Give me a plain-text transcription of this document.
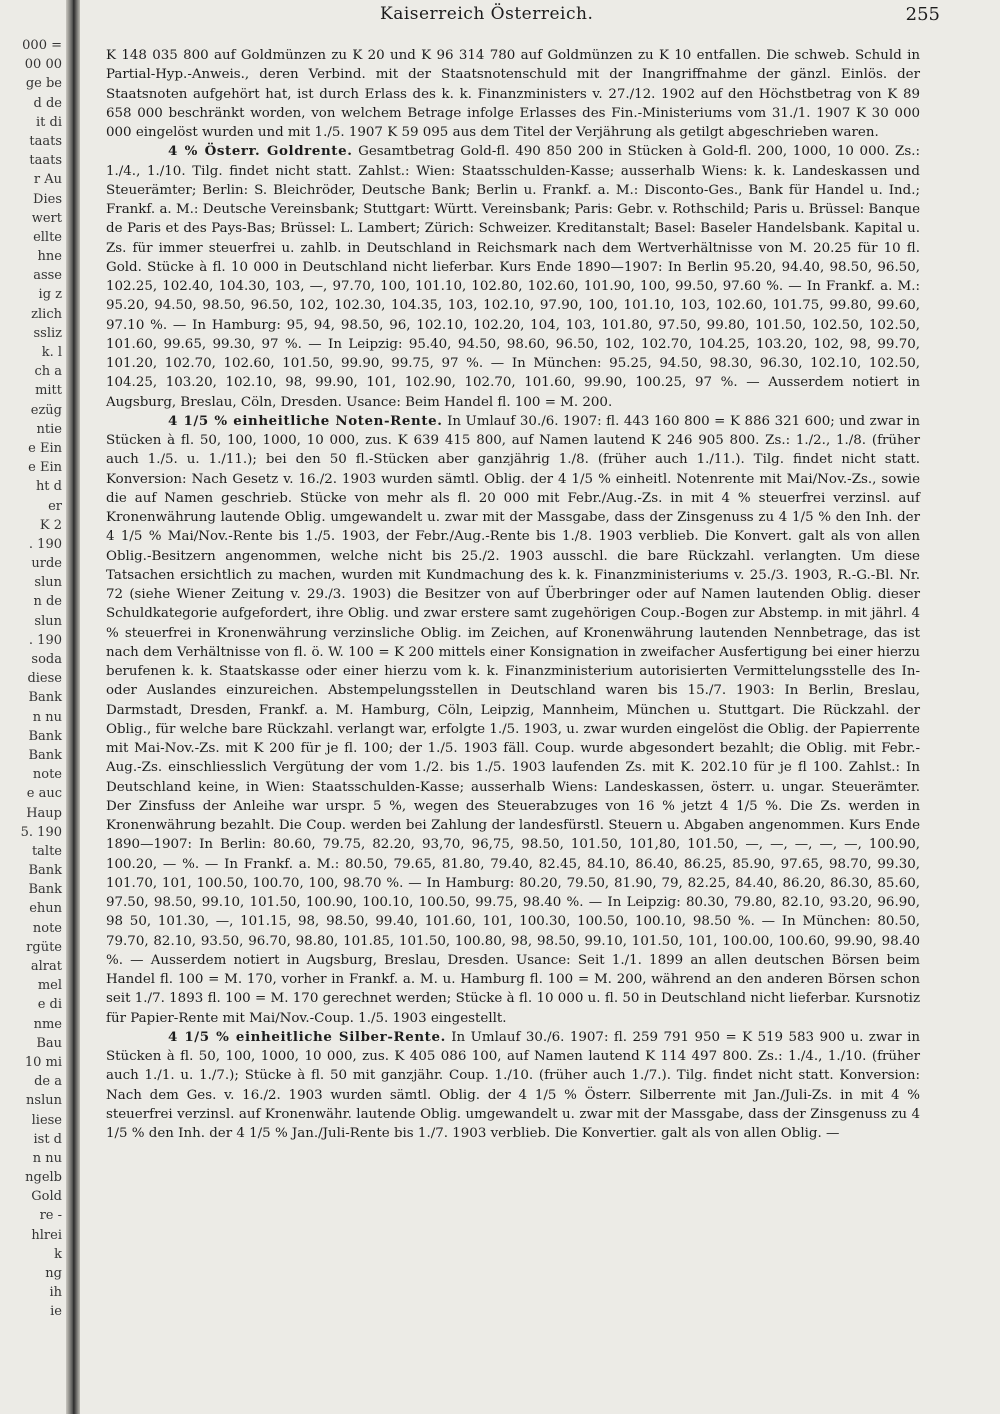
000 =
00 00
ge be
d de
it di
taats
taats
r Au
Dies
wert
ellte
hne
asse
ig z
zlich
ssliz
k. l
ch a
mitt
ezüg
ntie
e Ein
e Ein
ht d
er
K 2
. 190
urde
slun
n de
slun
. 190
soda
diese
Bank
n nu
Bank
Bank
note
e auc
Haup
5. 190
talte
Bank
Bank
ehun
note
rgüte
alrat
mel
e di
nme
Bau
10 mi
de a
nslun
liese
ist d
n nu
ngelb
Gold
re -
hlrei
k
ng
ih
ie
Kaiserreich Österreich.	255

K 148 035 800 auf Goldmünzen zu K 20 und K 96 314 780 auf Goldmünzen zu K 10 entfallen. Die schweb. Schuld in Partial-Hyp.-Anweis., deren Verbind. mit der Staatsnotenschuld mit der Inangriffnahme der gänzl. Einlös. der Staatsnoten aufgehört hat, ist durch Erlass des k. k. Finanzministers v. 27./12. 1902 auf den Höchstbetrag von K 89 658 000 beschränkt worden, von welchem Betrage infolge Erlasses des Fin.-Ministeriums vom 31./1. 1907 K 30 000 000 eingelöst wurden und mit 1./5. 1907 K 59 095 aus dem Titel der Verjährung als getilgt abgeschrieben waren.

4 % Österr. Goldrente. Gesamtbetrag Gold-fl. 490 850 200 in Stücken à Gold-fl. 200, 1000, 10 000. Zs.: 1./4., 1./10. Tilg. findet nicht statt. Zahlst.: Wien: Staatsschulden-Kasse; ausserhalb Wiens: k. k. Landeskassen und Steuerämter; Berlin: S. Bleichröder, Deutsche Bank; Berlin u. Frankf. a. M.: Disconto-Ges., Bank für Handel u. Ind.; Frankf. a. M.: Deutsche Vereinsbank; Stuttgart: Württ. Vereinsbank; Paris: Gebr. v. Rothschild; Paris u. Brüssel: Banque de Paris et des Pays-Bas; Brüssel: L. Lambert; Zürich: Schweizer. Kreditanstalt; Basel: Baseler Handelsbank. Kapital u. Zs. für immer steuerfrei u. zahlb. in Deutschland in Reichsmark nach dem Wertverhältnisse von M. 20.25 für 10 fl. Gold. Stücke à fl. 10 000 in Deutschland nicht lieferbar. Kurs Ende 1890—1907: In Berlin 95.20, 94.40, 98.50, 96.50, 102.25, 102.40, 104.30, 103, —, 97.70, 100, 101.10, 102.80, 102.60, 101.90, 100, 99.50, 97.60 %. — In Frankf. a. M.: 95.20, 94.50, 98.50, 96.50, 102, 102.30, 104.35, 103, 102.10, 97.90, 100, 101.10, 103, 102.60, 101.75, 99.80, 99.60, 97.10 %. — In Hamburg: 95, 94, 98.50, 96, 102.10, 102.20, 104, 103, 101.80, 97.50, 99.80, 101.50, 102.50, 102.50, 101.60, 99.65, 99.30, 97 %. — In Leipzig: 95.40, 94.50, 98.60, 96.50, 102, 102.70, 104.25, 103.20, 102, 98, 99.70, 101.20, 102.70, 102.60, 101.50, 99.90, 99.75, 97 %. — In München: 95.25, 94.50, 98.30, 96.30, 102.10, 102.50, 104.25, 103.20, 102.10, 98, 99.90, 101, 102.90, 102.70, 101.60, 99.90, 100.25, 97 %. — Ausserdem notiert in Augsburg, Breslau, Cöln, Dresden. Usance: Beim Handel fl. 100 = M. 200.

4 1/5 % einheitliche Noten-Rente. In Umlauf 30./6. 1907: fl. 443 160 800 = K 886 321 600; und zwar in Stücken à fl. 50, 100, 1000, 10 000, zus. K 639 415 800, auf Namen lautend K 246 905 800. Zs.: 1./2., 1./8. (früher auch 1./5. u. 1./11.); bei den 50 fl.-Stücken aber ganzjährig 1./8. (früher auch 1./11.). Tilg. findet nicht statt. Konversion: Nach Gesetz v. 16./2. 1903 wurden sämtl. Oblig. der 4 1/5 % einheitl. Notenrente mit Mai/Nov.-Zs., sowie die auf Namen geschrieb. Stücke von mehr als fl. 20 000 mit Febr./Aug.-Zs. in mit 4 % steuerfrei verzinsl. auf Kronenwährung lautende Oblig. umgewandelt u. zwar mit der Massgabe, dass der Zinsgenuss zu 4 1/5 % den Inh. der 4 1/5 % Mai/Nov.-Rente bis 1./5. 1903, der Febr./Aug.-Rente bis 1./8. 1903 verblieb. Die Konvert. galt als von allen Oblig.-Besitzern angenommen, welche nicht bis 25./2. 1903 ausschl. die bare Rückzahl. verlangten. Um diese Tatsachen ersichtlich zu machen, wurden mit Kundmachung des k. k. Finanzministeriums v. 25./3. 1903, R.-G.-Bl. Nr. 72 (siehe Wiener Zeitung v. 29./3. 1903) die Besitzer von auf Überbringer oder auf Namen lautenden Oblig. dieser Schuldkategorie aufgefordert, ihre Oblig. und zwar erstere samt zugehörigen Coup.-Bogen zur Abstemp. in mit jährl. 4 % steuerfrei in Kronenwährung verzinsliche Oblig. im Zeichen, auf Kronenwährung lautenden Nennbetrage, das ist nach dem Verhältnisse von fl. ö. W. 100 = K 200 mittels einer Konsignation in zweifacher Ausfertigung bei einer hierzu berufenen k. k. Staatskasse oder einer hierzu vom k. k. Finanzministerium autorisierten Vermittelungsstelle des In- oder Auslandes einzureichen. Abstempelungsstellen in Deutschland waren bis 15./7. 1903: In Berlin, Breslau, Darmstadt, Dresden, Frankf. a. M. Hamburg, Cöln, Leipzig, Mannheim, München u. Stuttgart. Die Rückzahl. der Oblig., für welche bare Rückzahl. verlangt war, erfolgte 1./5. 1903, u. zwar wurden eingelöst die Oblig. der Papierrente mit Mai-Nov.-Zs. mit K 200 für je fl. 100; der 1./5. 1903 fäll. Coup. wurde abgesondert bezahlt; die Oblig. mit Febr.-Aug.-Zs. einschliesslich Vergütung der vom 1./2. bis 1./5. 1903 laufenden Zs. mit K. 202.10 für je fl 100. Zahlst.: In Deutschland keine, in Wien: Staatsschulden-Kasse; ausserhalb Wiens: Landeskassen, österr. u. ungar. Steuerämter. Der Zinsfuss der Anleihe war urspr. 5 %, wegen des Steuerabzuges von 16 % jetzt 4 1/5 %. Die Zs. werden in Kronenwährung bezahlt. Die Coup. werden bei Zahlung der landesfürstl. Steuern u. Abgaben angenommen. Kurs Ende 1890—1907: In Berlin: 80.60, 79.75, 82.20, 93,70, 96,75, 98.50, 101.50, 101,80, 101.50, —, —, —, —, —, 100.90, 100.20, — %. — In Frankf. a. M.: 80.50, 79.65, 81.80, 79.40, 82.45, 84.10, 86.40, 86.25, 85.90, 97.65, 98.70, 99.30, 101.70, 101, 100.50, 100.70, 100, 98.70 %. — In Hamburg: 80.20, 79.50, 81.90, 79, 82.25, 84.40, 86.20, 86.30, 85.60, 97.50, 98.50, 99.10, 101.50, 100.90, 100.10, 100.50, 99.75, 98.40 %. — In Leipzig: 80.30, 79.80, 82.10, 93.20, 96.90, 98 50, 101.30, —, 101.15, 98, 98.50, 99.40, 101.60, 101, 100.30, 100.50, 100.10, 98.50 %. — In München: 80.50, 79.70, 82.10, 93.50, 96.70, 98.80, 101.85, 101.50, 100.80, 98, 98.50, 99.10, 101.50, 101, 100.00, 100.60, 99.90, 98.40 %. — Ausserdem notiert in Augsburg, Breslau, Dresden. Usance: Seit 1./1. 1899 an allen deutschen Börsen beim Handel fl. 100 = M. 170, vorher in Frankf. a. M. u. Hamburg fl. 100 = M. 200, während an den anderen Börsen schon seit 1./7. 1893 fl. 100 = M. 170 gerechnet werden; Stücke à fl. 10 000 u. fl. 50 in Deutschland nicht lieferbar. Kursnotiz für Papier-Rente mit Mai/Nov.-Coup. 1./5. 1903 eingestellt.

4 1/5 % einheitliche Silber-Rente. In Umlauf 30./6. 1907: fl. 259 791 950 = K 519 583 900 u. zwar in Stücken à fl. 50, 100, 1000, 10 000, zus. K 405 086 100, auf Namen lautend K 114 497 800. Zs.: 1./4., 1./10. (früher auch 1./1. u. 1./7.); Stücke à fl. 50 mit ganzjähr. Coup. 1./10. (früher auch 1./7.). Tilg. findet nicht statt. Konversion: Nach dem Ges. v. 16./2. 1903 wurden sämtl. Oblig. der 4 1/5 % Österr. Silberrente mit Jan./Juli-Zs. in mit 4 % steuerfrei verzinsl. auf Kronenwähr. lautende Oblig. umgewandelt u. zwar mit der Massgabe, dass der Zinsgenuss zu 4 1/5 % den Inh. der 4 1/5 % Jan./Juli-Rente bis 1./7. 1903 verblieb. Die Konvertier. galt als von allen Oblig. —
